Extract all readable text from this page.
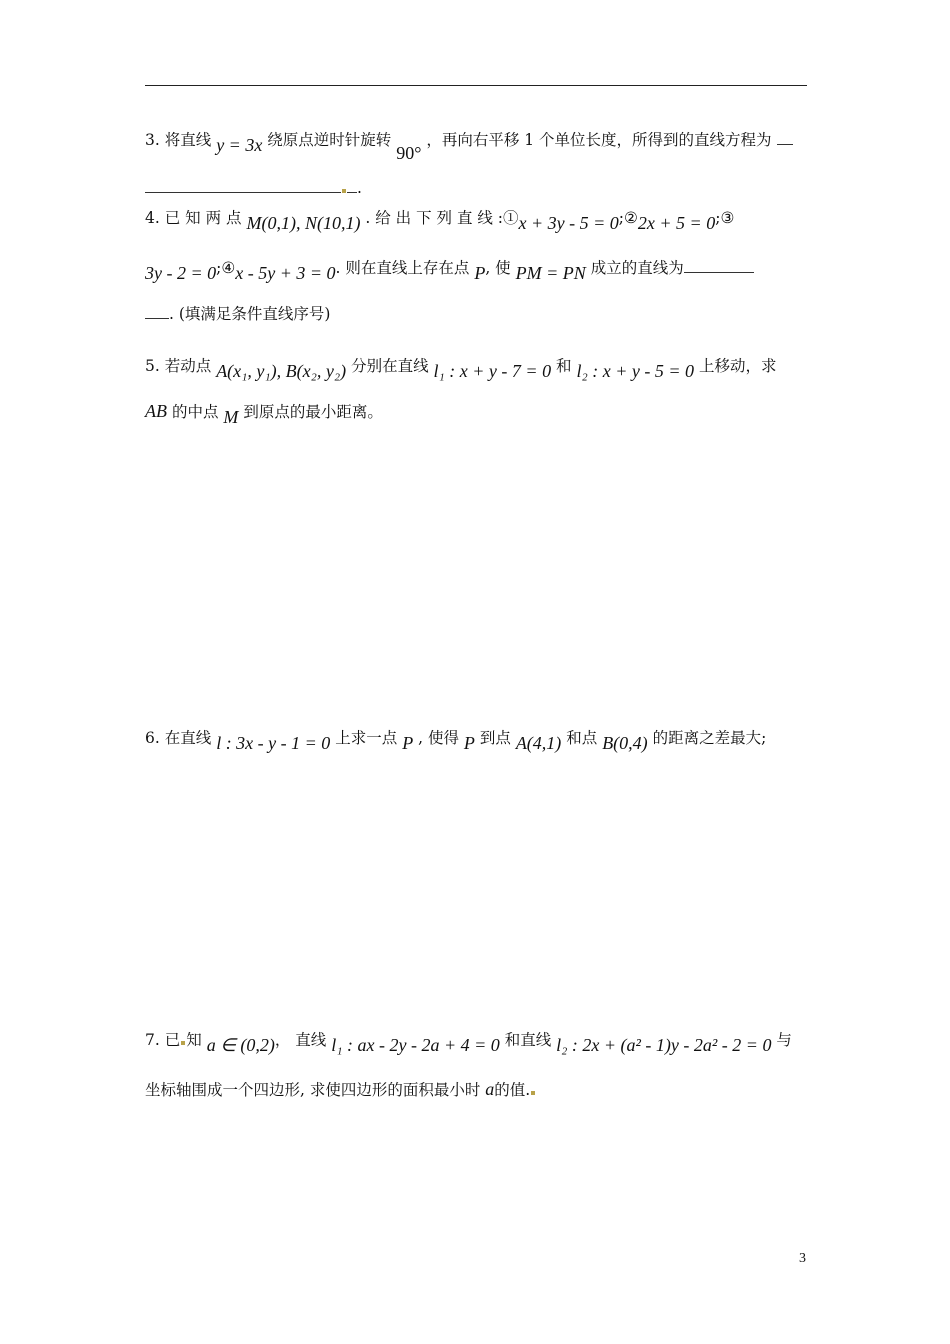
3. 将直线 y = 3x 绕原点逆时针旋转 90° ，再向右平移 1 个单位长度，所得到的直线方程为
.
4. 已 知 两 点 M(0,1), N(10,1) . 给 出 下 列 直 线 :①x + 3y - 5 = 0;②2x + 5 = 0;③
3y - 2 = 0;④x - 5y + 3 = 0. 则在直线上存在点 P, 使 PM = PN 成立的直线为
. (填满足条件直线序号)
5. 若动点 A(x₁, y₁), B(x₂, y₂) 分别在直线 l₁ : x + y - 7 = 0 和 l₂ : x + y - 5 = 0 上移动，求
AB 的中点 M 到原点的最小距离。
6. 在直线 l : 3x - y - 1 = 0 上求一点 P , 使得 P 到点 A(4,1) 和点 B(0,4) 的距离之差最大;
7. 已 知 a ∈ (0,2)， 直线 l₁ : ax - 2y - 2a + 4 = 0 和直线 l₂ : 2x + (a² - 1)y - 2a² - 2 = 0 与
坐标轴围成一个四边形, 求使四边形的面积最小时 a的值.
3
